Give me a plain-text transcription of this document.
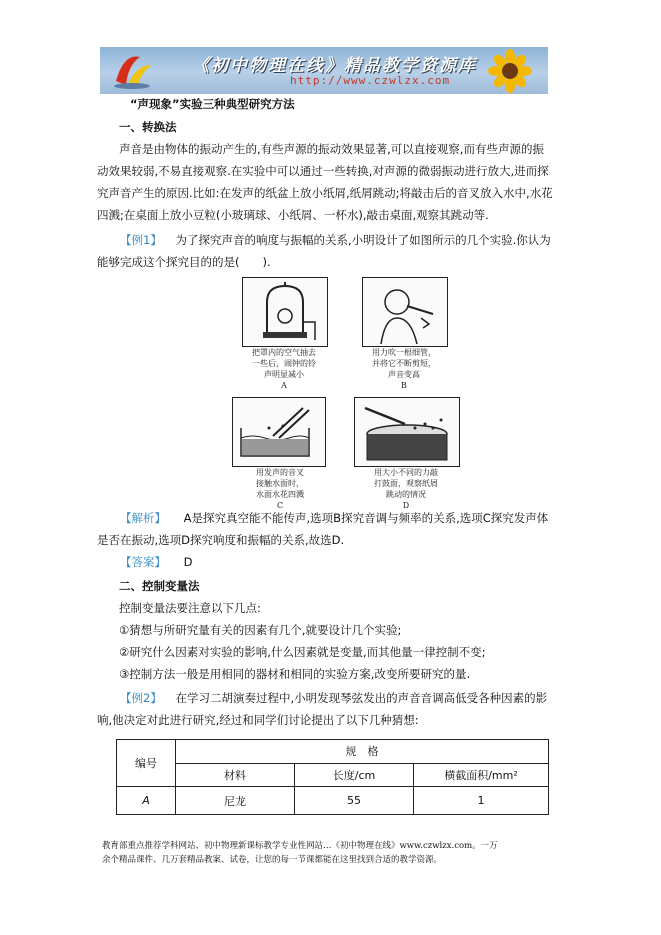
《初中物理在线》精品教学资源库
http://www.czwlzx.com
“声现象”实验三种典型研究方法
一、转换法
声音是由物体的振动产生的,有些声源的振动效果显著,可以直接观察,而有些声源的振
动效果较弱,不易直接观察.在实验中可以通过一些转换,对声源的微弱振动进行放大,进而探
究声音产生的原因.比如:在发声的纸盆上放小纸屑,纸屑跳动;将敲击后的音叉放入水中,水花
四溅;在桌面上放小豆粒(小玻璃球、小纸屑、一杯水),敲击桌面,观察其跳动等.
【例1】 为了探究声音的响度与振幅的关系,小明设计了如图所示的几个实验.你认为
能够完成这个探究目的的是(　　).
把罩内的空气抽去
一些后，闹钟的铃
声明显减小
A
用力吹一根细管，
并将它不断剪短，
声音变高
B
用发声的音叉
接触水面时，
水面水花四溅
C
用大小不同的力敲
打鼓面，观察纸屑
跳动的情况
D
【解析】 A是探究真空能不能传声,选项B探究音调与频率的关系,选项C探究发声体
是否在振动,选项D探究响度和振幅的关系,故选D.
【答案】 D
二、控制变量法
控制变量法要注意以下几点:
①猜想与所研究量有关的因素有几个,就要设计几个实验;
②研究什么因素对实验的影响,什么因素就是变量,而其他量一律控制不变;
③控制方法一般是用相同的器材和相同的实验方案,改变所要研究的量.
【例2】 在学习二胡演奏过程中,小明发现琴弦发出的声音音调高低受各种因素的影
响,他决定对此进行研究,经过和同学们讨论提出了以下几种猜想:
编号	规　格		
	材料	长度/cm	横截面积/mm²
A	尼龙	55	1
教育部重点推荐学科网站、初中物理新课标教学专业性网站…《初中物理在线》www.czwlzx.com。一万
余个精品课件、几万套精品教案、试卷，让您的每一节课都能在这里找到合适的教学资源。
